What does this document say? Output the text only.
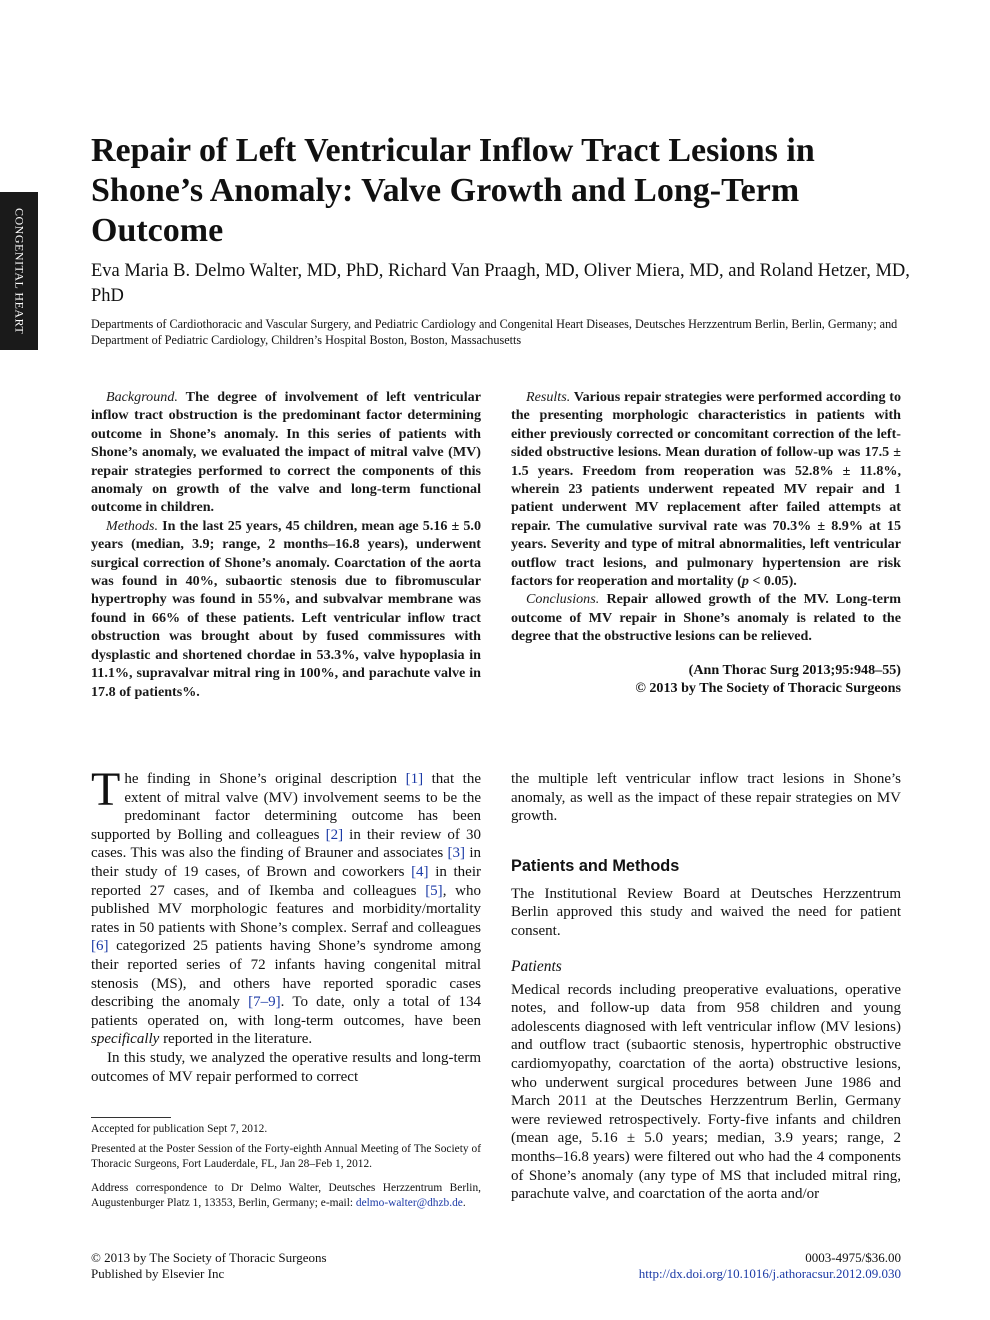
CONGENITAL HEART
Repair of Left Ventricular Inflow Tract Lesions in Shone’s Anomaly: Valve Growth and Long-Term Outcome

Eva Maria B. Delmo Walter, MD, PhD, Richard Van Praagh, MD, Oliver Miera, MD, and Roland Hetzer, MD, PhD

Departments of Cardiothoracic and Vascular Surgery, and Pediatric Cardiology and Congenital Heart Diseases, Deutsches Herzzentrum Berlin, Berlin, Germany; and Department of Pediatric Cardiology, Children’s Hospital Boston, Boston, Massachusetts

Background. The degree of involvement of left ventricular inflow tract obstruction is the predominant factor determining outcome in Shone’s anomaly. In this series of patients with Shone’s anomaly, we evaluated the impact of mitral valve (MV) repair strategies performed to correct the components of this anomaly on growth of the valve and long-term functional outcome in children.

Methods. In the last 25 years, 45 children, mean age 5.16 ± 5.0 years (median, 3.9; range, 2 months–16.8 years), underwent surgical correction of Shone’s anomaly. Coarctation of the aorta was found in 40%, subaortic stenosis due to fibromuscular hypertrophy was found in 55%, and subvalvar membrane was found in 66% of these patients. Left ventricular inflow tract obstruction was brought about by fused commissures with dysplastic and shortened chordae in 53.3%, valve hypoplasia in 11.1%, supravalvar mitral ring in 100%, and parachute valve in 17.8 of patients%.

Results. Various repair strategies were performed according to the presenting morphologic characteristics in patients with either previously corrected or concomitant correction of the left-sided obstructive lesions. Mean duration of follow-up was 17.5 ± 1.5 years. Freedom from reoperation was 52.8% ± 11.8%, wherein 23 patients underwent repeated MV repair and 1 patient underwent MV replacement after failed attempts at repair. The cumulative survival rate was 70.3% ± 8.9% at 15 years. Severity and type of mitral abnormalities, left ventricular outflow tract lesions, and pulmonary hypertension are risk factors for reoperation and mortality (p < 0.05).

Conclusions. Repair allowed growth of the MV. Long-term outcome of MV repair in Shone’s anomaly is related to the degree that the obstructive lesions can be relieved.

(Ann Thorac Surg 2013;95:948–55)
© 2013 by The Society of Thoracic Surgeons

The finding in Shone’s original description [1] that the extent of mitral valve (MV) involvement seems to be the predominant factor determining outcome has been supported by Bolling and colleagues [2] in their review of 30 cases. This was also the finding of Brauner and associates [3] in their study of 19 cases, of Brown and coworkers [4] in their reported 27 cases, and of Ikemba and colleagues [5], who published MV morphologic features and morbidity/mortality rates in 50 patients with Shone’s complex. Serraf and colleagues [6] categorized 25 patients having Shone’s syndrome among their reported series of 72 infants having congenital mitral stenosis (MS), and others have reported sporadic cases describing the anomaly [7–9]. To date, only a total of 134 patients operated on, with long-term outcomes, have been specifically reported in the literature.

In this study, we analyzed the operative results and long-term outcomes of MV repair performed to correct

the multiple left ventricular inflow tract lesions in Shone’s anomaly, as well as the impact of these repair strategies on MV growth.

Patients and Methods

The Institutional Review Board at Deutsches Herzzentrum Berlin approved this study and waived the need for patient consent.

Patients

Medical records including preoperative evaluations, operative notes, and follow-up data from 958 children and young adolescents diagnosed with left ventricular inflow (MV lesions) and outflow tract (subaortic stenosis, hypertrophic obstructive cardiomyopathy, coarctation of the aorta) obstructive lesions, who underwent surgical procedures between June 1986 and March 2011 at the Deutsches Herzzentrum Berlin, Germany were reviewed retrospectively. Forty-five infants and children (mean age, 5.16 ± 5.0 years; median, 3.9 years; range, 2 months–16.8 years) were filtered out who had the 4 components of Shone’s anomaly (any type of MS that included mitral ring, parachute valve, and coarctation of the aorta and/or

Accepted for publication Sept 7, 2012.

Presented at the Poster Session of the Forty-eighth Annual Meeting of The Society of Thoracic Surgeons, Fort Lauderdale, FL, Jan 28–Feb 1, 2012.

Address correspondence to Dr Delmo Walter, Deutsches Herzzentrum Berlin, Augustenburger Platz 1, 13353, Berlin, Germany; e-mail: delmo-walter@dhzb.de.

© 2013 by The Society of Thoracic Surgeons
Published by Elsevier Inc
0003-4975/$36.00
http://dx.doi.org/10.1016/j.athoracsur.2012.09.030
